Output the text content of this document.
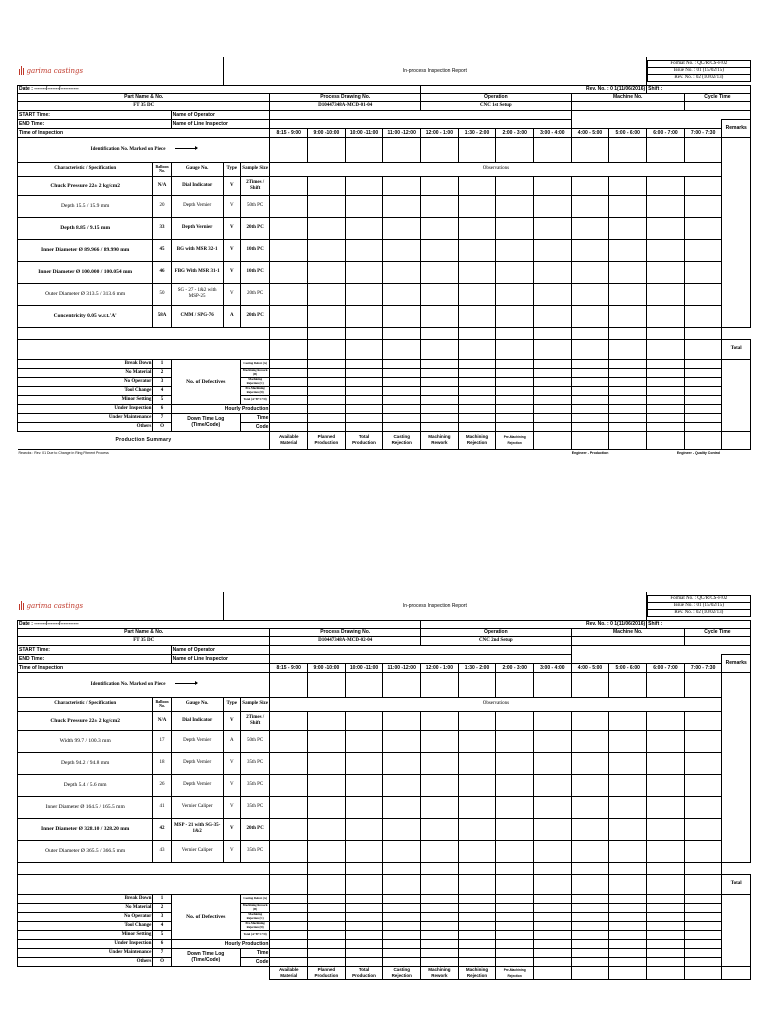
garima castings	In-process Inspection Report	
Format No. : QC/R/CS-F/02
Issue No. : 01 (15/02/15)
Rev. No. : 02 (10/02/13)

Date : -------/-------/-----------	Rev. No. : 0 1(11/06/2016)	Shift :
Part Name & No.	Process Drawing No.	Operation	Machine No.	Cycle Time
FT 35 DC	D10447348A-MCD-01-04	CNC 1st Setup		
START Time:	Name of Operator		
END Time:	Name of Line Inspector			Remarks
Time of Inspection	8:15 - 9:00	9:00 -10:00	10:00 -11:00	11:00 -12:00	12:00 - 1:00	1:30 - 2:00	2:00 - 3:00	3:00 - 4:00	4:00 - 5:00	5:00 - 6:00	6:00 - 7:00	7:00 - 7:30
Identification No. Marked on Piece													
Characteristic / Specification	Balloon No.	Gauge No.	Type	Sample Size	Observations
Chuck Pressure 22± 2 kg/cm2	N/A	Dial Indicator	V	2Times / Shift												
Depth 15.5 / 15.9 mm	20	Depth Vernier	V	50th PC												
Depth 8.85 / 9.15 mm	33	Depth Vernier	V	20th PC												
Inner Diameter Ø 89.966 / 89.990 mm	45	BG with MSR 32-1	V	10th PC												
Inner Diameter Ø 100.000 / 100.054 mm	46	FBG With MSR 31-1	V	10th PC												
Outer Diameter Ø 313.5 / 313.6 mm	50	SG - 27 - 1&2 with MSP-25	V	20th PC												
Concentricity 0.05 w.r.t.'A'	58A	CMM / SPG-76	A	20th PC												

													Total
Break Down	1	No. of Defectives	Casting Defect (A)													
No Material	2	Machining Rework (B)												
No Operator	3	Machining Rejection (C)												
Tool Change	4	Pre-Machining Rejection (D)												
Minor Setting	5	Total (A+B+C+D)												
Under Inspection	6	Hourly Production												
Under Maintenance	7	Down Time Log (Time/Code)	Time												
Others	O	Code												
Production Summary	Available Material	Planned Production	Total Production	Casting Rejection	Machining Rework	Machining Rejection	Pre-Machining Rejection						
Rearcks : Rev. 01 Due to Change in Ring Fitment Process		Engineer - Production	Engineer - Quality Control
garima castings	In-process Inspection Report	
Format No. : QC/R/CS-F/02
Issue No. : 01 (15/02/15)
Rev. No. : 02 (10/02/13)

Date : -------/-------/-----------	Rev. No. : 0 1(11/06/2016)	Shift :
Part Name & No.	Process Drawing No.	Operation	Machine No.	Cycle Time
FT 35 DC	D10447348A-MCD-02-04	CNC 2nd Setup		
START Time:	Name of Operator		
END Time:	Name of Line Inspector			Remarks
Time of Inspection	8:15 - 9:00	9:00 -10:00	10:00 -11:00	11:00 -12:00	12:00 - 1:00	1:30 - 2:00	2:00 - 3:00	3:00 - 4:00	4:00 - 5:00	5:00 - 6:00	6:00 - 7:00	7:00 - 7:30
Identification No. Marked on Piece													
Characteristic / Specification	Balloon No.	Gauge No.	Type	Sample Size	Observations
Chuck Pressure 22± 2 kg/cm2	N/A	Dial Indicator	V	2Times / Shift												
Width 99.7 / 100.3 mm	17	Depth Vernier	A	50th PC												
Depth 94.2 / 94.8 mm	18	Depth Vernier	V	35th PC												
Depth 5.4 / 5.6 mm	26	Depth Vernier	V	35th PC												
Inner Diameter Ø 164.5 / 165.5 mm	41	Vernier Caliper	V	35th PC												
Inner Diameter Ø 328.10 / 328.20 mm	42	MSP - 21 with SG-35-1&2	V	20th PC												
Outer Diameter Ø 365.5 / 366.5 mm	43	Vernier Caliper	V	35th PC												

													Total
Break Down	1	No. of Defectives	Casting Defect (A)													
No Material	2	Machining Rework (B)												
No Operator	3	Machining Rejection (C)												
Tool Change	4	Pre-Machining Rejection (D)												
Minor Setting	5	Total (A+B+C+D)												
Under Inspection	6	Hourly Production												
Under Maintenance	7	Down Time Log (Time/Code)	Time												
Others	O	Code												
	Available Material	Planned Production	Total Production	Casting Rejection	Machining Rework	Machining Rejection	Pre-Machining Rejection						
